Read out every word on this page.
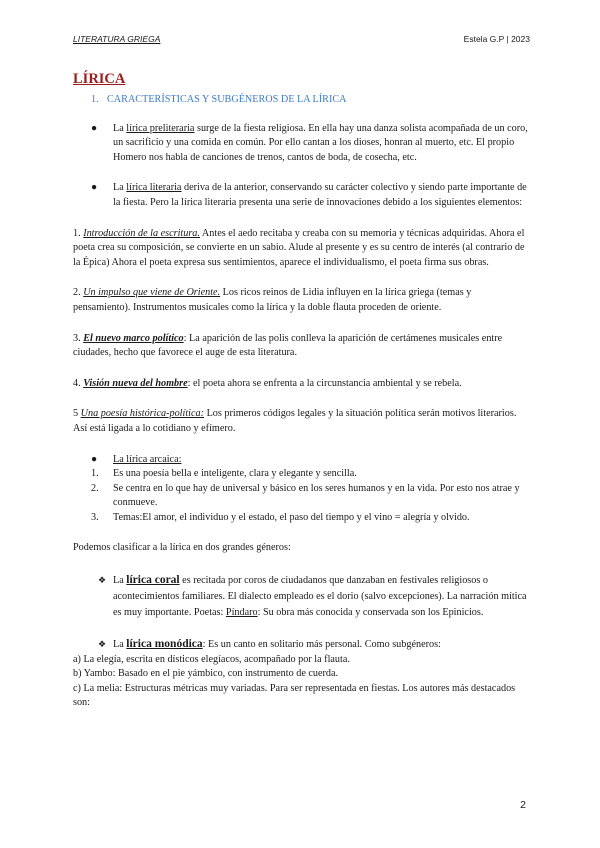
LITERATURA GRIEGA	Estela G.P | 2023
LÍRICA
1. CARACTERÍSTICAS Y SUBGÉNEROS DE LA LÍRICA
● La lírica preliteraria surge de la fiesta religiosa. En ella hay una danza solista acompañada de un coro, un sacrificio y una comida en común. Por ello cantan a los dioses, honran al muerto, etc. El propio Homero nos habla de canciones de trenos, cantos de boda, de cosecha, etc.

● La lírica literaria deriva de la anterior, conservando su carácter colectivo y siendo parte importante de la fiesta. Pero la lírica literaria presenta una serie de innovaciones debido a los siguientes elementos:

1. Introducción de la escritura. Antes el aedo recitaba y creaba con su memoria y técnicas adquiridas. Ahora el poeta crea su composición, se convierte en un sabio. Alude al presente y es su centro de interés (al contrario de la Épica) Ahora el poeta expresa sus sentimientos, aparece el individualismo, el poeta firma sus obras.

2. Un impulso que viene de Oriente. Los ricos reinos de Lidia influyen en la lírica griega (temas y pensamiento). Instrumentos musicales como la lírica y la doble flauta proceden de oriente.

3. El nuevo marco político: La aparición de las polis conlleva la aparición de certámenes musicales entre ciudades, hecho que favorece el auge de esta literatura.

4. Visión nueva del hombre: el poeta ahora se enfrenta a la circunstancia ambiental y se rebela.

5 Una poesía histórica-política: Los primeros códigos legales y la situación política serán motivos literarios. Así está ligada a lo cotidiano y efímero.

● La lírica arcaica:
1. Es una poesía bella e inteligente, clara y elegante y sencilla.
2. Se centra en lo que hay de universal y básico en los seres humanos y en la vida. Por esto nos atrae y conmueve.
3. Temas:El amor, el individuo y el estado, el paso del tiempo y el vino = alegría y olvido.

Podemos clasificar a la lírica en dos grandes géneros:

❖ La lírica coral es recitada por coros de ciudadanos que danzaban en festivales religiosos o acontecimientos familiares. El dialecto empleado es el dorio (salvo excepciones). La narración mítica es muy importante. Poetas: Píndaro: Su obra más conocida y conservada son los Epinicios.
❖ La lírica monódica: Es un canto en solitario más personal. Como subgéneros:

a) La elegía, escrita en dísticos elegíacos, acompañado por la flauta.

b) Yambo: Basado en el pie yámbico, con instrumento de cuerda.

c) La melia: Estructuras métricas muy variadas. Para ser representada en fiestas. Los autores más destacados son:

2
